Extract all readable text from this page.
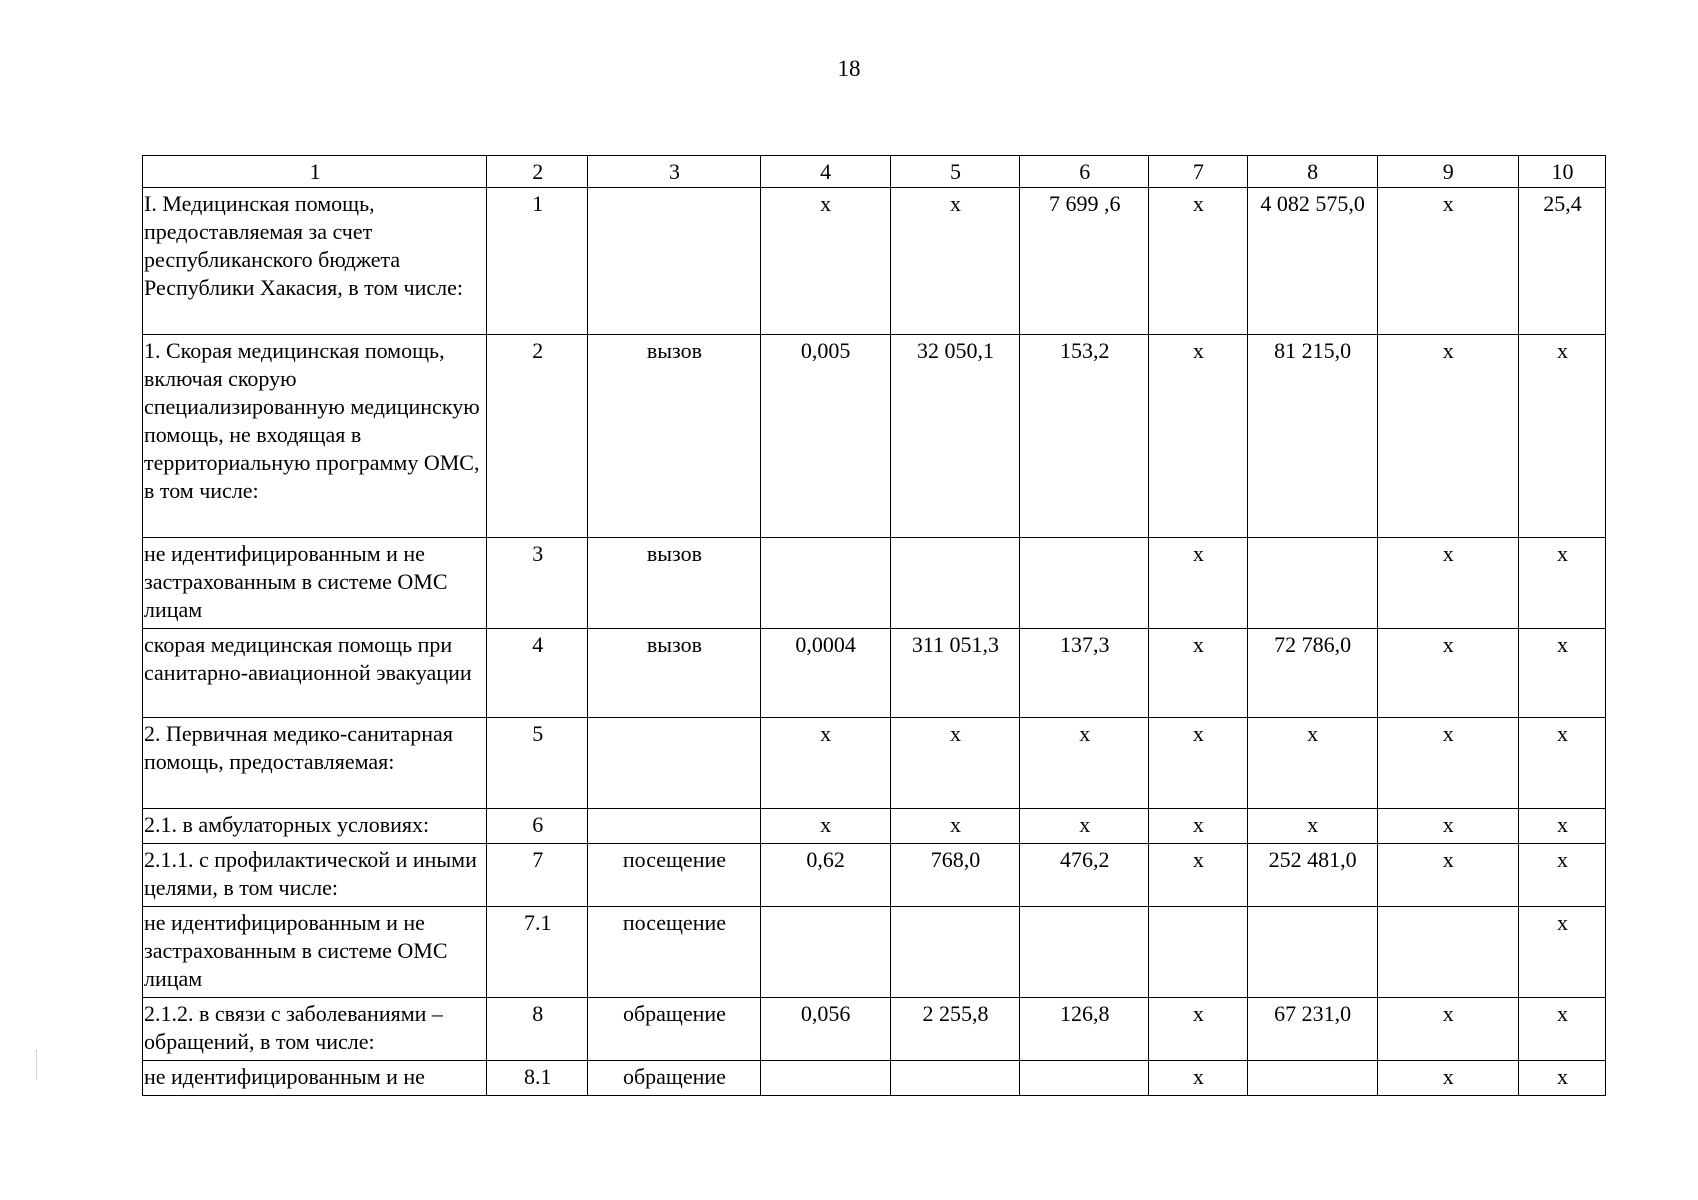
18
1	2	3	4	5	6	7	8	9	10
I. Медицинская помощь, предоставляемая за счет республиканского бюджета Республики Хакасия, в том числе:	1		x	x	7 699 ,6	x	4 082 575,0	x	25,4
1. Скорая медицинская помощь, включая скорую специализированную медицинскую помощь, не входящая в территориальную программу ОМС, в том числе:	2	вызов	0,005	32 050,1	153,2	x	81 215,0	x	x
не идентифицированным и не застрахованным в системе ОМС лицам	3	вызов				x		x	x
скорая медицинская помощь при санитарно-авиационной эвакуации	4	вызов	0,0004	311 051,3	137,3	x	72 786,0	x	x
2. Первичная медико-санитарная помощь, предоставляемая:	5		x	x	x	x	x	x	x
2.1. в амбулаторных условиях:	6		x	x	x	x	x	x	x
2.1.1. с профилактической и иными целями, в том числе:	7	посещение	0,62	768,0	476,2	x	252 481,0	x	x
не идентифицированным и не застрахованным в системе ОМС лицам	7.1	посещение							x
2.1.2. в связи с заболеваниями – обращений, в том числе:	8	обращение	0,056	2 255,8	126,8	x	67 231,0	x	x
не идентифицированным и не	8.1	обращение				x		x	x
